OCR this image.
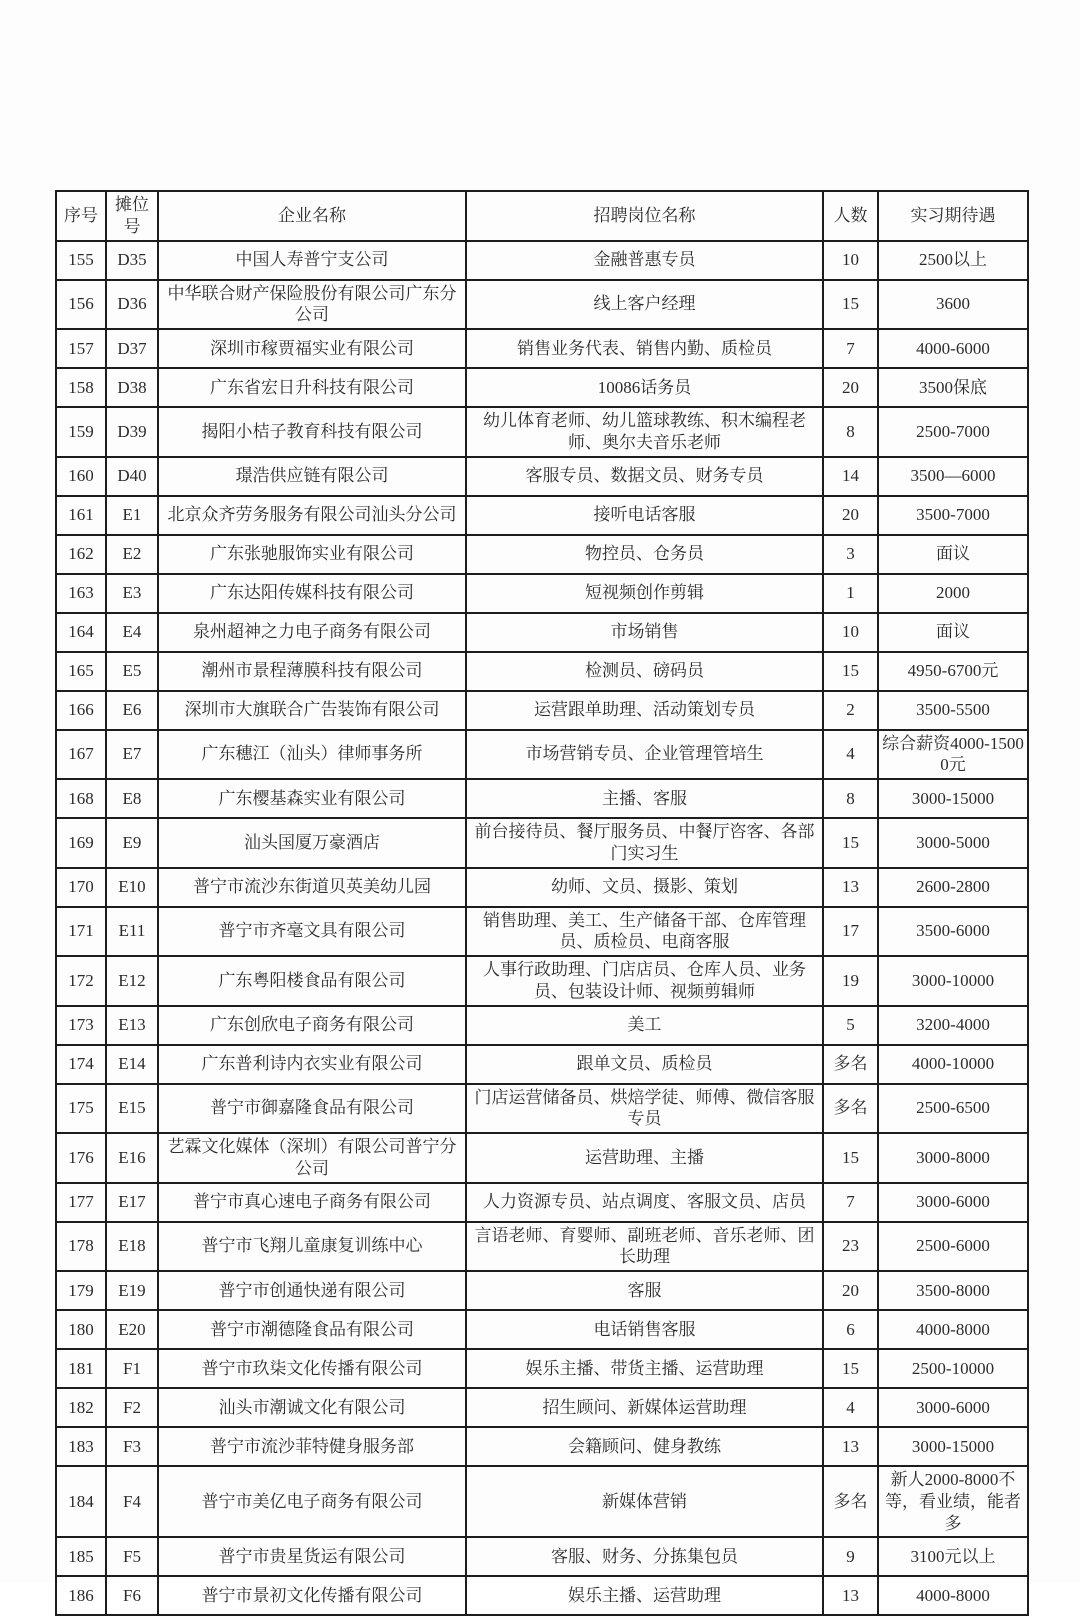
序号	摊位号	企业名称	招聘岗位名称	人数	实习期待遇
155	D35	中国人寿普宁支公司	金融普惠专员	10	2500以上
156	D36	中华联合财产保险股份有限公司广东分公司	线上客户经理	15	3600
157	D37	深圳市稼贾福实业有限公司	销售业务代表、销售内勤、质检员	7	4000-6000
158	D38	广东省宏日升科技有限公司	10086话务员	20	3500保底
159	D39	揭阳小桔子教育科技有限公司	幼儿体育老师、幼儿篮球教练、积木编程老师、奥尔夫音乐老师	8	2500-7000
160	D40	璟浩供应链有限公司	客服专员、数据文员、财务专员	14	3500—6000
161	E1	北京众齐劳务服务有限公司汕头分公司	接听电话客服	20	3500-7000
162	E2	广东张驰服饰实业有限公司	物控员、仓务员	3	面议
163	E3	广东达阳传媒科技有限公司	短视频创作剪辑	1	2000
164	E4	泉州超神之力电子商务有限公司	市场销售	10	面议
165	E5	潮州市景程薄膜科技有限公司	检测员、磅码员	15	4950-6700元
166	E6	深圳市大旗联合广告装饰有限公司	运营跟单助理、活动策划专员	2	3500-5500
167	E7	广东穗江（汕头）律师事务所	市场营销专员、企业管理管培生	4	综合薪资4000-15000元
168	E8	广东樱基森实业有限公司	主播、客服	8	3000-15000
169	E9	汕头国厦万豪酒店	前台接待员、餐厅服务员、中餐厅咨客、各部门实习生	15	3000-5000
170	E10	普宁市流沙东街道贝英美幼儿园	幼师、文员、摄影、策划	13	2600-2800
171	E11	普宁市齐毫文具有限公司	销售助理、美工、生产储备干部、仓库管理员、质检员、电商客服	17	3500-6000
172	E12	广东粤阳楼食品有限公司	人事行政助理、门店店员、仓库人员、业务员、包装设计师、视频剪辑师	19	3000-10000
173	E13	广东创欣电子商务有限公司	美工	5	3200-4000
174	E14	广东普利诗内衣实业有限公司	跟单文员、质检员	多名	4000-10000
175	E15	普宁市御嘉隆食品有限公司	门店运营储备员、烘焙学徒、师傅、微信客服专员	多名	2500-6500
176	E16	艺霖文化媒体（深圳）有限公司普宁分公司	运营助理、主播	15	3000-8000
177	E17	普宁市真心速电子商务有限公司	人力资源专员、站点调度、客服文员、店员	7	3000-6000
178	E18	普宁市飞翔儿童康复训练中心	言语老师、育婴师、副班老师、音乐老师、团长助理	23	2500-6000
179	E19	普宁市创通快递有限公司	客服	20	3500-8000
180	E20	普宁市潮德隆食品有限公司	电话销售客服	6	4000-8000
181	F1	普宁市玖柒文化传播有限公司	娱乐主播、带货主播、运营助理	15	2500-10000
182	F2	汕头市潮诚文化有限公司	招生顾问、新媒体运营助理	4	3000-6000
183	F3	普宁市流沙菲特健身服务部	会籍顾问、健身教练	13	3000-15000
184	F4	普宁市美亿电子商务有限公司	新媒体营销	多名	新人2000-8000不等，看业绩，能者多
185	F5	普宁市贵星货运有限公司	客服、财务、分拣集包员	9	3100元以上
186	F6	普宁市景初文化传播有限公司	娱乐主播、运营助理	13	4000-8000
